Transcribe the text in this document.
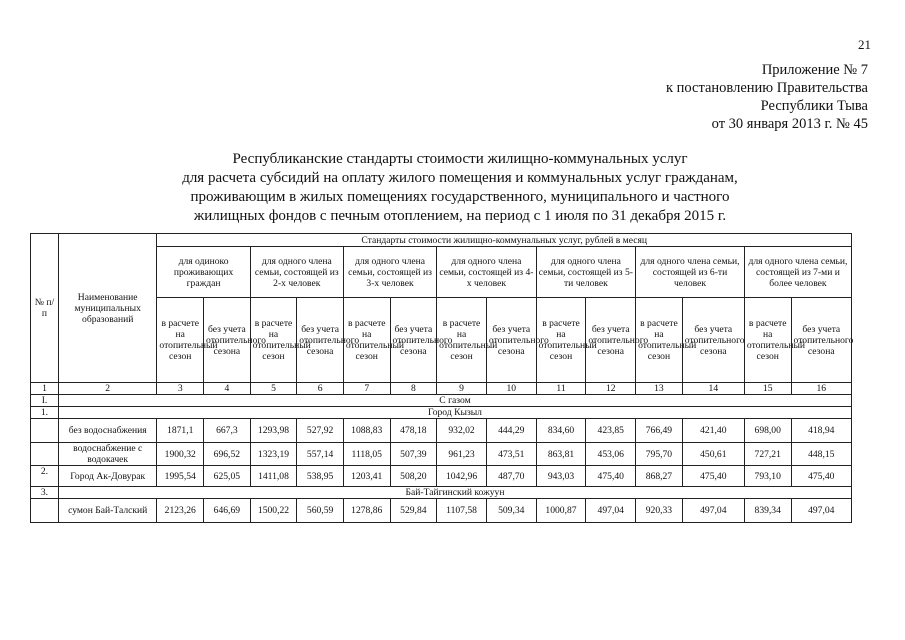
21
Приложение № 7
к постановлению Правительства
Республики Тыва
от 30 января 2013 г. № 45
Республиканские стандарты стоимости жилищно-коммунальных услуг
для расчета субсидий на оплату жилого помещения и коммунальных услуг гражданам,
проживающим в жилых помещениях государственного, муниципального и частного
жилищных фондов с печным отоплением, на период с 1 июля по 31 декабря 2015 г.
№ п/п	Наименование муниципальных образований	Стандарты стоимости жилищно-коммунальных услуг, рублей в месяц													
		для одиноко проживающих граждан		для одного члена семьи, состоящей из 2-х человек		для одного члена семьи, состоящей из 3-х человек		для одного члена семьи, состоящей из 4-х человек		для одного члена семьи, состоящей из 5-ти человек		для одного члена семьи, состоящей из 6-ти человек		для одного члена семьи, состоящей из 7-ми и более человек	
		в расчете на отопительный сезон	без учета отопительного сезона	в расчете на отопительный сезон	без учета отопительного сезона	в расчете на отопительный сезон	без учета отопительного сезона	в расчете на отопительный сезон	без учета отопительного сезона	в расчете на отопительный сезон	без учета отопительного сезона	в расчете на отопительный сезон	без учета отопительного сезона	в расчете на отопительный сезон	без учета отопительного сезона
1	2	3	4	5	6	7	8	9	10	11	12	13	14	15	16
I.	С газом														
1.	Город Кызыл														
	без водоснабжения	1871,1	667,3	1293,98	527,92	1088,83	478,18	932,02	444,29	834,60	423,85	766,49	421,40	698,00	418,94
	водоснабжение с водокачек	1900,32	696,52	1323,19	557,14	1118,05	507,39	961,23	473,51	863,81	453,06	795,70	450,61	727,21	448,15
2.	Город Ак-Довурак	1995,54	625,05	1411,08	538,95	1203,41	508,20	1042,96	487,70	943,03	475,40	868,27	475,40	793,10	475,40
3.	Бай-Тайгинский кожуун														
	сумон Бай-Талский	2123,26	646,69	1500,22	560,59	1278,86	529,84	1107,58	509,34	1000,87	497,04	920,33	497,04	839,34	497,04
